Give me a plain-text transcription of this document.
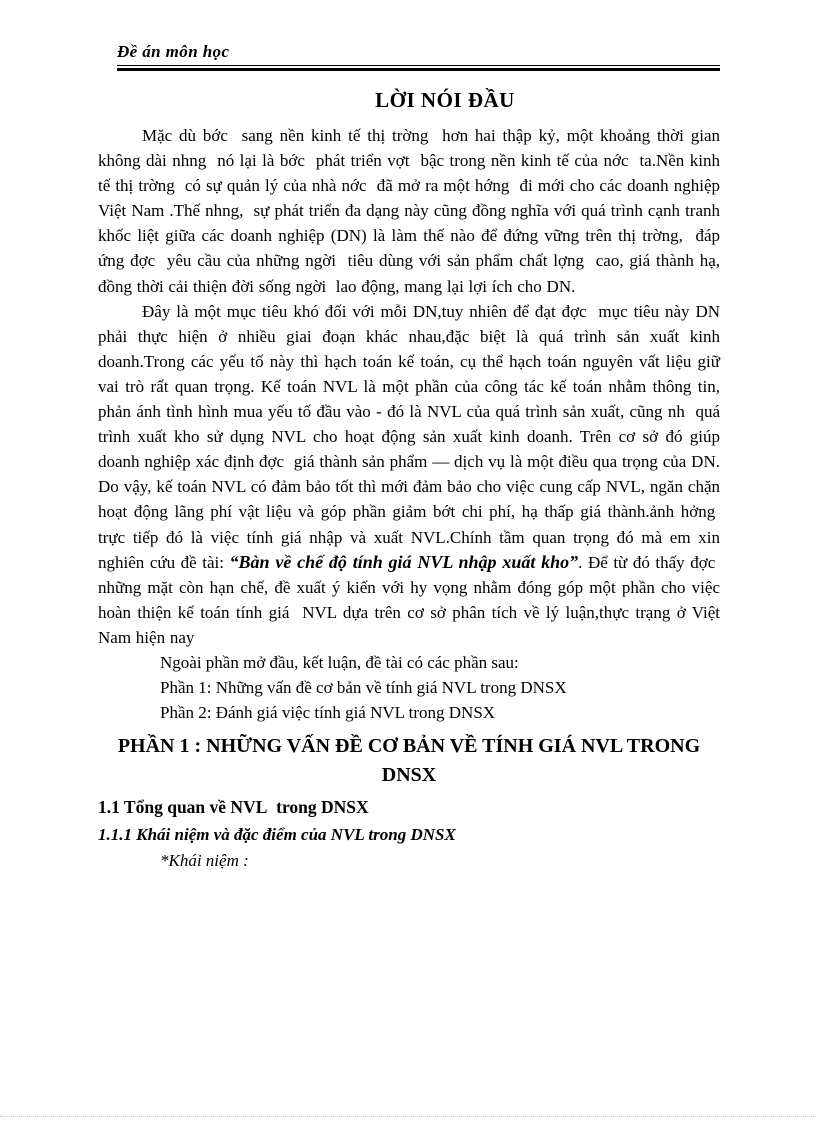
Đề án môn học
LỜI NÓI ĐẦU

Mặc dù bớc  sang nền kinh tế thị trờng  hơn hai thập kỷ, một khoảng thời gian không dài nhng  nó lại là bớc  phát triển vợt  bậc trong nền kinh tế của nớc  ta.Nền kinh tế thị trờng  có sự quản lý của nhà nớc  đã mở ra một hớng  đi mới cho các doanh nghiệp Việt Nam .Thế nhng,  sự phát triển đa dạng này cũng đồng nghĩa với quá trình cạnh tranh khốc liệt giữa các doanh nghiệp (DN) là làm thế nào để đứng vững trên thị trờng,  đáp ứng đợc  yêu cầu của những ngời  tiêu dùng với sản phẩm chất lợng  cao, giá thành hạ, đồng thời cải thiện đời sống ngời  lao động, mang lại lợi ích cho DN.

Đây là một mục tiêu khó đối với mỗi DN,tuy nhiên để đạt đợc  mục tiêu này DN phải thực hiện ở nhiều giai đoạn khác nhau,đặc biệt là quá trình sản xuất kinh doanh.Trong các yếu tố này thì hạch toán kế toán, cụ thể hạch toán nguyên vất liệu giữ vai trò rất quan trọng. Kế toán NVL là một phần của công tác kế toán nhằm thông tin, phản ánh tình hình mua yếu tố đầu vào - đó là NVL của quá trình sản xuất, cũng nh  quá trình xuất kho sử dụng NVL cho hoạt động sản xuất kinh doanh. Trên cơ sở đó giúp doanh nghiệp xác định đợc  giá thành sản phẩm — dịch vụ là một điều qua trọng của DN. Do vậy, kế toán NVL có đảm bảo tốt thì mới đảm bảo cho việc cung cấp NVL, ngăn chặn hoạt động lãng phí vật liệu và góp phần giảm bớt chi phí, hạ thấp giá thành.ảnh hởng  trực tiếp đó là việc tính giá nhập và xuất NVL.Chính tầm quan trọng đó mà em xin nghiên cứu đề tài: “Bàn về chế độ tính giá NVL nhập xuất kho”. Để từ đó thấy đợc  những mặt còn hạn chế, đề xuất ý kiến với hy vọng nhằm đóng góp một phần cho việc hoàn thiện kế toán tính giá  NVL dựa trên cơ sở phân tích về lý luận,thực trạng ở Việt Nam hiện nay

Ngoài phần mở đầu, kết luận, đề tài có các phần sau:

Phần 1: Những vấn đề cơ bản về tính giá NVL trong DNSX

Phần 2: Đánh giá việc tính giá NVL trong DNSX

PHẦN 1 : NHỮNG VẤN ĐỀ CƠ BẢN VỀ TÍNH GIÁ NVL TRONG DNSX
1.1 Tổng quan về NVL  trong DNSX
1.1.1 Khái niệm và đặc điểm của NVL trong DNSX

*Khái niệm :
